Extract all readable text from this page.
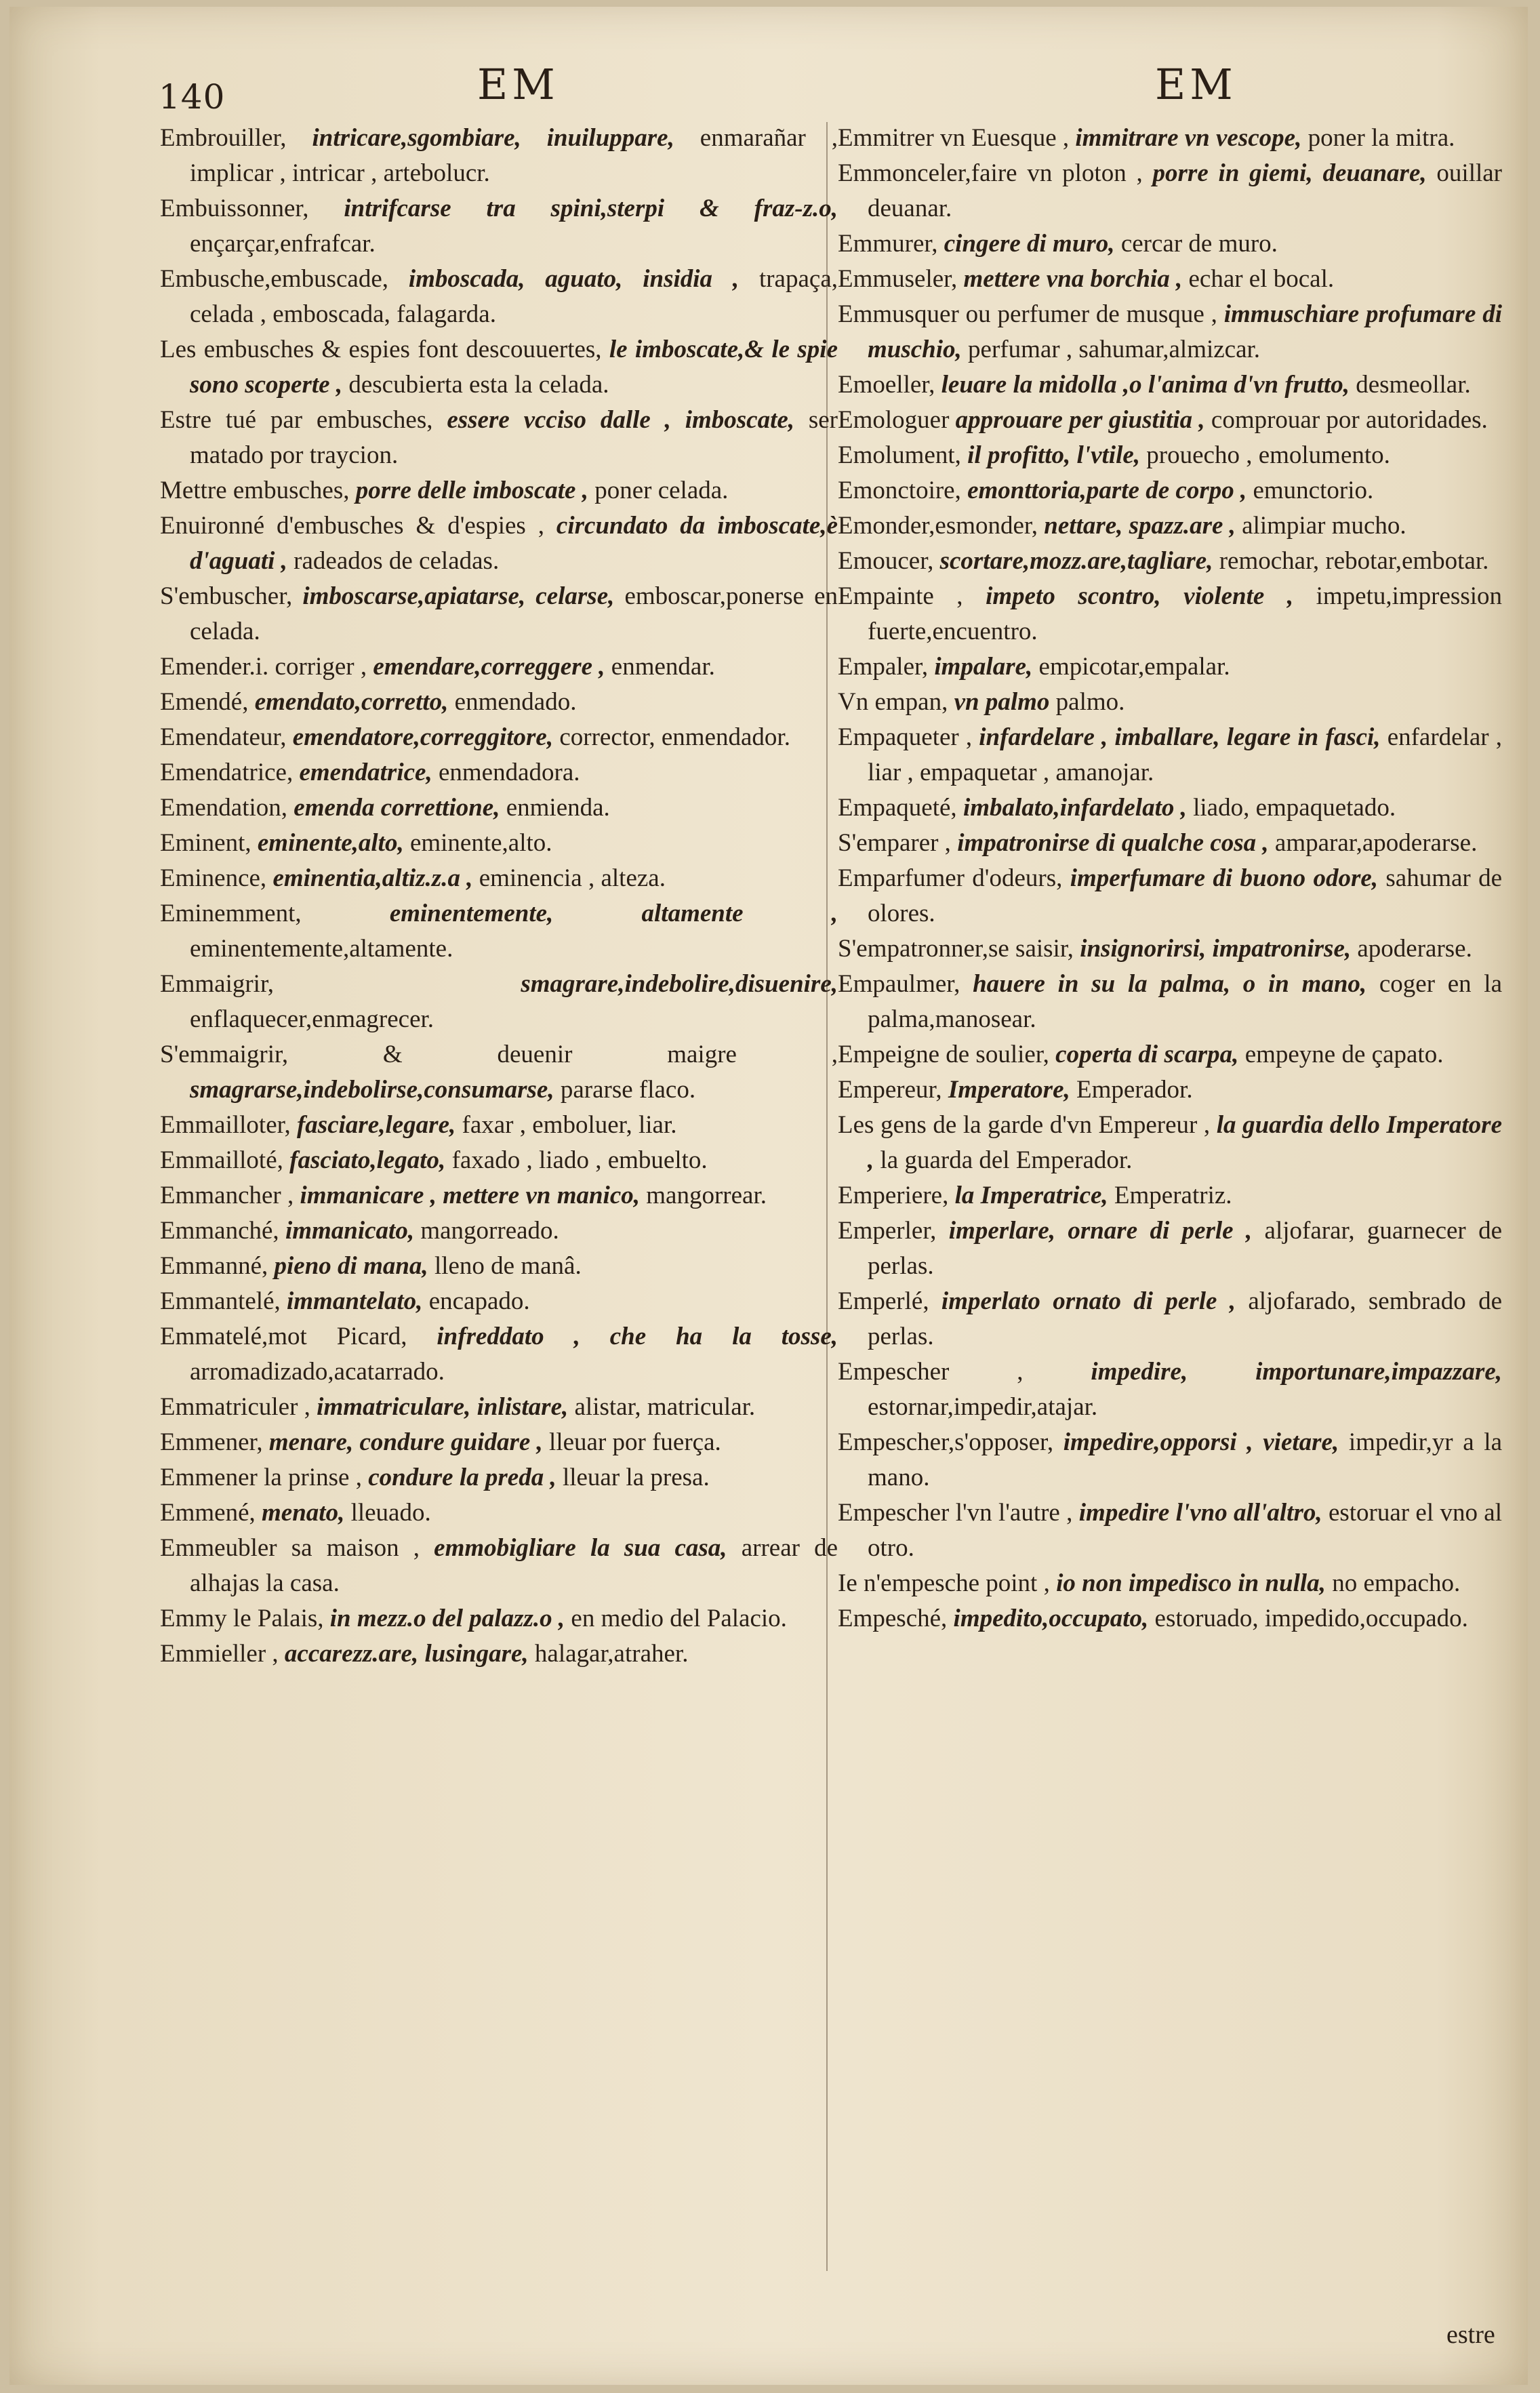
140	EM	EM
Embrouiller, intricare,sgombiare, inuiluppare, enmarañar , implicar , intricar , artebolucr.
Embuissonner, intrifcarse tra spini,sterpi & fraz-z.o, ençarçar,enfrafcar.
Embusche,embuscade, imboscada, aguato, insidia , trapaça, celada , emboscada, falagarda.
Les embusches & espies font descouuertes, le imboscate,& le spie sono scoperte , descubierta esta la celada.
Estre tué par embusches, essere vcciso dalle , imboscate, ser matado por traycion.
Mettre embusches, porre delle imboscate , poner celada.
Enuironné d'embusches & d'espies , circundato da imboscate,è d'aguati , radeados de celadas.
S'embuscher, imboscarse,apiatarse, celarse, emboscar,ponerse en celada.
Emender.i. corriger , emendare,correggere , enmendar.
Emendé, emendato,corretto, enmendado.
Emendateur, emendatore,correggitore, corrector, enmendador.
Emendatrice, emendatrice, enmendadora.
Emendation, emenda correttione, enmienda.
Eminent, eminente,alto, eminente,alto.
Eminence, eminentia,altiz.z.a , eminencia , alteza.
Eminemment,	eminentemente, altamente , eminentemente,altamente.
Emmaigrir,	smagrare,indebolire,disuenire, enflaquecer,enmagrecer.
S'emmaigrir, & deuenir maigre , smagrarse,indebolirse,consumarse, pararse flaco.
Emmailloter, fasciare,legare, faxar , emboluer, liar.
Emmailloté, fasciato,legato, faxado , liado , embuelto.
Emmancher , immanicare , mettere vn manico, mangorrear.
Emmanché, immanicato, mangorreado.
Emmanné, pieno di mana, lleno de manâ.
Emmantelé, immantelato, encapado.
Emmatelé,mot Picard, infreddato , che ha la tosse, arromadizado,acatarrado.
Emmatriculer , immatriculare, inlistare, alistar, matricular.
Emmener, menare, condure guidare , lleuar por fuerça.
Emmener la prinse , condure la preda , lleuar la presa.
Emmené, menato, lleuado.
Emmeubler sa maison , emmobigliare la sua casa, arrear de alhajas la casa.
Emmy le Palais, in mezz.o del palazz.o , en medio del Palacio.
Emmieller , accarezz.are, lusingare, halagar,atraher.
Emmitrer vn Euesque , immitrare vn vescope, poner la mitra.
Emmonceler,faire vn ploton , porre in giemi, deuanare, ouillar deuanar.
Emmurer, cingere di muro, cercar de muro.
Emmuseler, mettere vna borchia , echar el bocal.
Emmusquer ou perfumer de musque , immuschiare profumare di muschio, perfumar , sahumar,almizcar.
Emoeller, leuare la midolla ,o l'anima d'vn frutto, desmeollar.
Emologuer approuare per giustitia , comprouar por autoridades.
Emolument, il profitto, l'vtile, prouecho , emolumento.
Emonctoire, emonttoria,parte de corpo , emunctorio.
Emonder,esmonder, nettare, spazz.are , alimpiar mucho.
Emoucer, scortare,mozz.are,tagliare, remochar, rebotar,embotar.
Empainte , impeto scontro, violente , impetu,impression fuerte,encuentro.
Empaler, impalare, empicotar,empalar.
Vn empan, vn palmo palmo.
Empaqueter , infardelare , imballare, legare in fasci, enfardelar , liar , empaquetar , amanojar.
Empaqueté, imbalato,infardelato , liado, empaquetado.
S'emparer , impatronirse di qualche cosa , amparar,apoderarse.
Emparfumer d'odeurs, imperfumare di buono odore, sahumar de olores.
S'empatronner,se saisir, insignorirsi, impatronirse, apoderarse.
Empaulmer, hauere in su la palma, o in mano, coger en la palma,manosear.
Empeigne de soulier, coperta di scarpa, empeyne de çapato.
Empereur, Imperatore, Emperador.
Les gens de la garde d'vn Empereur , la guardia dello Imperatore , la guarda del Emperador.
Emperiere, la Imperatrice, Emperatriz.
Emperler, imperlare, ornare di perle , aljofarar, guarnecer de perlas.
Emperlé, imperlato ornato di perle , aljofarado, sembrado de perlas.
Empescher ,	impedire, importunare,impazzare, estornar,impedir,atajar.
Empescher,s'opposer, impedire,opporsi , vietare, impedir,yr a la mano.
Empescher l'vn l'autre , impedire l'vno all'altro, estoruar el vno al otro.
Ie n'empesche point , io non impedisco in nulla, no empacho.
Empesché, impedito,occupato, estoruado, impedido,occupado.
estre
